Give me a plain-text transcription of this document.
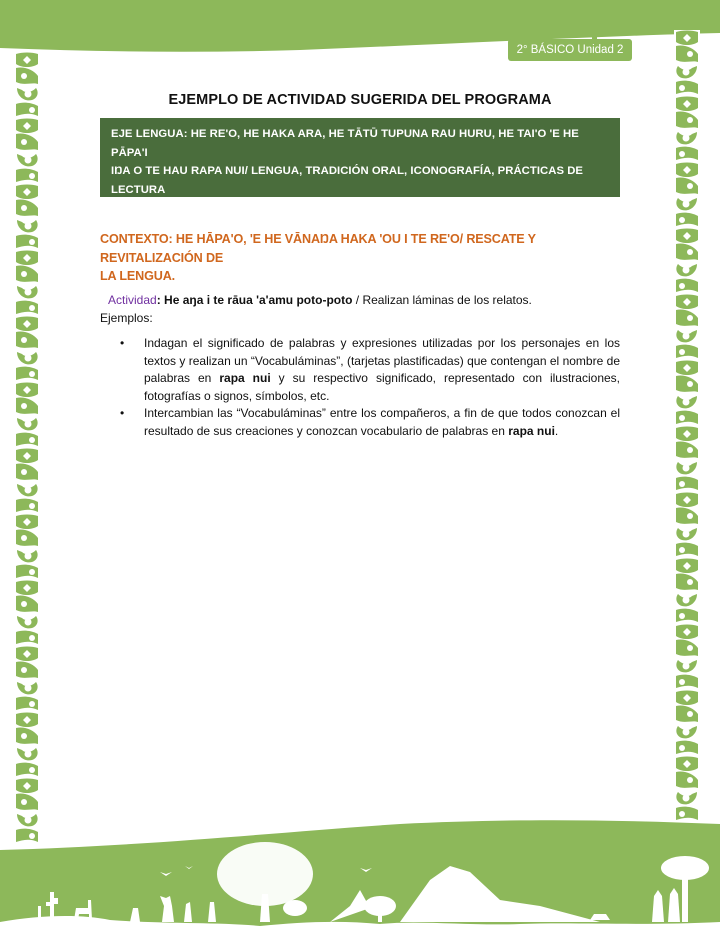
2° BÁSICO Unidad 2
EJEMPLO DE ACTIVIDAD SUGERIDA DEL PROGRAMA
EJE LENGUA: HE RE'O, HE HAKA ARA, HE TĀTŪ TUPUNA RAU HURU, HE TAI'O 'E HE PĀPA'I
IŊA O TE HAU RAPA NUI/ LENGUA, TRADICIÓN ORAL, ICONOGRAFÍA, PRÁCTICAS DE LECTURA
Y ESCRITURA DE LOS PUEBLOS ORIGINARIOS.
CONTEXTO: HE HĀPA'O, 'E HE VĀNAŊA HAKA 'OU I TE RE'O/ RESCATE Y REVITALIZACIÓN DE
LA LENGUA.
Actividad: He aŋa i te rāua 'a'amu poto-poto / Realizan láminas de los relatos.
Ejemplos:
• Indagan el significado de palabras y expresiones utilizadas por los personajes en los textos y realizan un “Vocabuláminas”, (tarjetas plastificadas) que contengan el nombre de palabras en rapa nui y su respectivo significado, representado con ilustraciones, fotografías o signos, símbolos, etc.
• Intercambian las “Vocabuláminas” entre los compañeros, a fin de que todos conozcan el resultado de sus creaciones y conozcan vocabulario de palabras en rapa nui.
